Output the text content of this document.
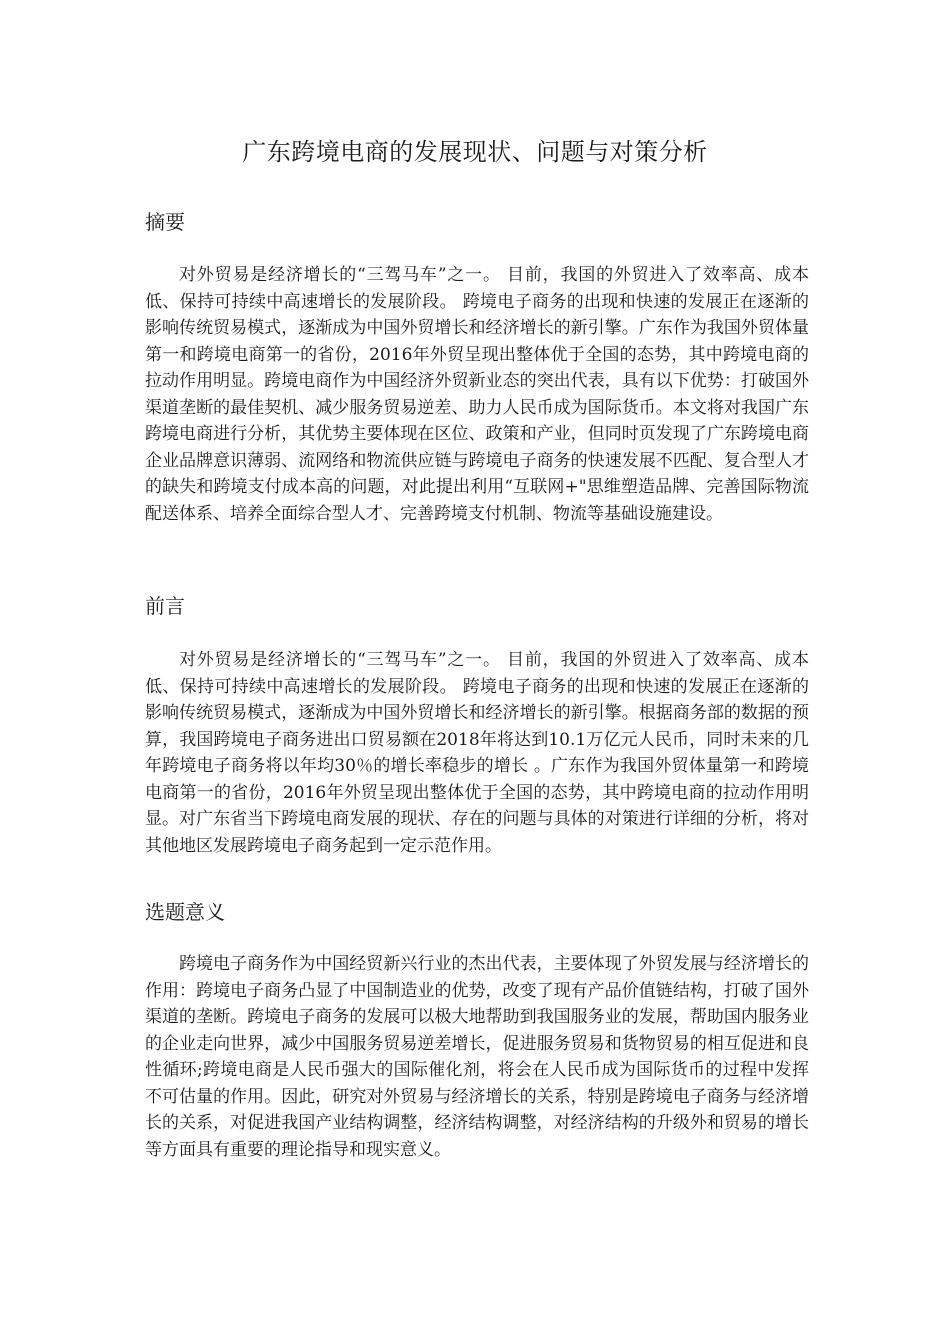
广东跨境电商的发展现状、问题与对策分析
摘要

对外贸易是经济增长的“三驾马车”之一。 目前，我国的外贸进入了效率高、成本低、保持可持续中高速增长的发展阶段。 跨境电子商务的出现和快速的发展正在逐渐的影响传统贸易模式，逐渐成为中国外贸增长和经济增长的新引擎。广东作为我国外贸体量第一和跨境电商第一的省份，2016年外贸呈现出整体优于全国的态势，其中跨境电商的拉动作用明显。跨境电商作为中国经济外贸新业态的突出代表，具有以下优势：打破国外渠道垄断的最佳契机、减少服务贸易逆差、助力人民币成为国际货币。本文将对我国广东跨境电商进行分析，其优势主要体现在区位、政策和产业，但同时页发现了广东跨境电商企业品牌意识薄弱、流网络和物流供应链与跨境电子商务的快速发展不匹配、复合型人才的缺失和跨境支付成本高的问题，对此提出利用“互联网+"思维塑造品牌、完善国际物流配送体系、培养全面综合型人才、完善跨境支付机制、物流等基础设施建设。

前言

对外贸易是经济增长的“三驾马车”之一。 目前，我国的外贸进入了效率高、成本低、保持可持续中高速增长的发展阶段。 跨境电子商务的出现和快速的发展正在逐渐的影响传统贸易模式，逐渐成为中国外贸增长和经济增长的新引擎。根据商务部的数据的预算，我国跨境电子商务进出口贸易额在2018年将达到10.1万亿元人民币，同时未来的几年跨境电子商务将以年均30％的增长率稳步的增长 。广东作为我国外贸体量第一和跨境电商第一的省份，2016年外贸呈现出整体优于全国的态势，其中跨境电商的拉动作用明显。对广东省当下跨境电商发展的现状、存在的问题与具体的对策进行详细的分析，将对其他地区发展跨境电子商务起到一定示范作用。

选题意义

跨境电子商务作为中国经贸新兴行业的杰出代表，主要体现了外贸发展与经济增长的作用：跨境电子商务凸显了中国制造业的优势，改变了现有产品价值链结构，打破了国外渠道的垄断。跨境电子商务的发展可以极大地帮助到我国服务业的发展，帮助国内服务业的企业走向世界，减少中国服务贸易逆差增长，促进服务贸易和货物贸易的相互促进和良性循环;跨境电商是人民币强大的国际催化剂，将会在人民币成为国际货币的过程中发挥不可估量的作用。因此，研究对外贸易与经济增长的关系，特别是跨境电子商务与经济增长的关系，对促进我国产业结构调整，经济结构调整，对经济结构的升级外和贸易的增长等方面具有重要的理论指导和现实意义。
